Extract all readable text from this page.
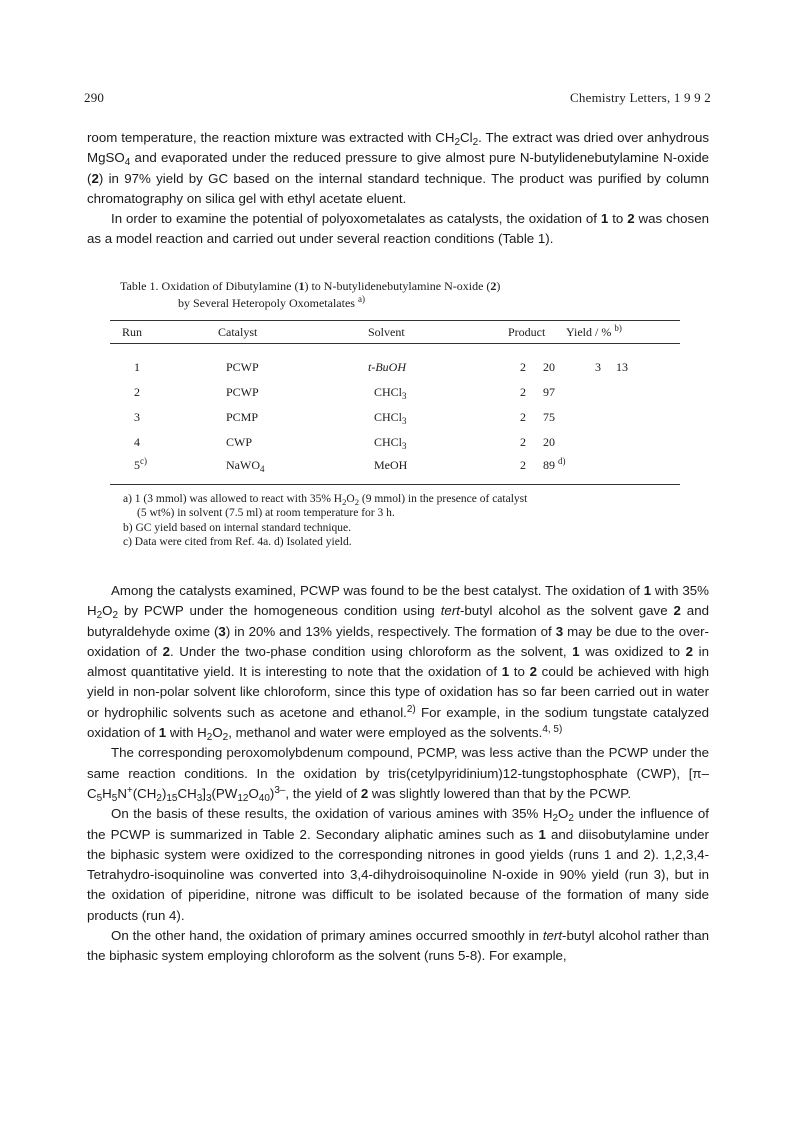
290	Chemistry Letters, 1 9 9 2

room temperature, the reaction mixture was extracted with $CH_2Cl_2$. The extract was dried over anhydrous MgSO$_4$ and evaporated under the reduced pressure to give almost pure N-butylidenebutylamine N-oxide (2) in 97% yield by GC based on the internal standard technique. The product was purified by column chromatography on silica gel with ethyl acetate eluent.

In order to examine the potential of polyoxometalates as catalysts, the oxidation of 1 to 2 was chosen as a model reaction and carried out under several reaction conditions (Table 1).

Table 1. Oxidation of Dibutylamine (1) to N-butylidenebutylamine N-oxide (2)
by Several Heteropoly Oxometalates $^{a)}$
Run	Catalyst	Solvent	Product Yield / % $^{b)}$
1	PCWP	t-BuOH	2 20	3 13
2	PCWP	CHCl$_3$	2 97
3	PCMP	CHCl$_3$	2 75
4	CWP	CHCl$_3$	2 20
5$^{c)}$	NaWO$_4$	MeOH	2 89 $^{d)}$
a) 1 (3 mmol) was allowed to react with 35% $H_2O_2$ (9 mmol) in the presence of catalyst
(5 wt%) in solvent (7.5 ml) at room temperature for 3 h.
b) GC yield based on internal standard technique.
c) Data were cited from Ref. 4a. d) Isolated yield.

Among the catalysts examined, PCWP was found to be the best catalyst. The oxidation of 1 with 35% $H_2O_2$ by PCWP under the homogeneous condition using tert-butyl alcohol as the solvent gave 2 and butyraldehyde oxime (3) in 20% and 13% yields, respectively. The formation of 3 may be due to the over-oxidation of 2. Under the two-phase condition using chloroform as the solvent, 1 was oxidized to 2 in almost quantitative yield. It is interesting to note that the oxidation of 1 to 2 could be achieved with high yield in non-polar solvent like chloroform, since this type of oxidation has so far been carried out in water or hydrophilic solvents such as acetone and ethanol.$^{2)}$ For example, in the sodium tungstate catalyzed oxidation of 1 with $H_2O_2$, methanol and water were employed as the solvents.$^{4, 5)}$

The corresponding peroxomolybdenum compound, PCMP, was less active than the PCWP under the same reaction conditions. In the oxidation by tris(cetylpyridinium)12-tungstophosphate (CWP), $[\pi-C_5H_5N^+(CH_2)_{15}CH_3]_3(PW_{12}O_{40})^{3-}$, the yield of 2 was slightly lowered than that by the PCWP.

On the basis of these results, the oxidation of various amines with 35% $H_2O_2$ under the influence of the PCWP is summarized in Table 2. Secondary aliphatic amines such as 1 and diisobutylamine under the biphasic system were oxidized to the corresponding nitrones in good yields (runs 1 and 2). 1,2,3,4-Tetrahydro-isoquinoline was converted into 3,4-dihydroisoquinoline N-oxide in 90% yield (run 3), but in the oxidation of piperidine, nitrone was difficult to be isolated because of the formation of many side products (run 4).

On the other hand, the oxidation of primary amines occurred smoothly in tert-butyl alcohol rather than the biphasic system employing chloroform as the solvent (runs 5-8). For example,
